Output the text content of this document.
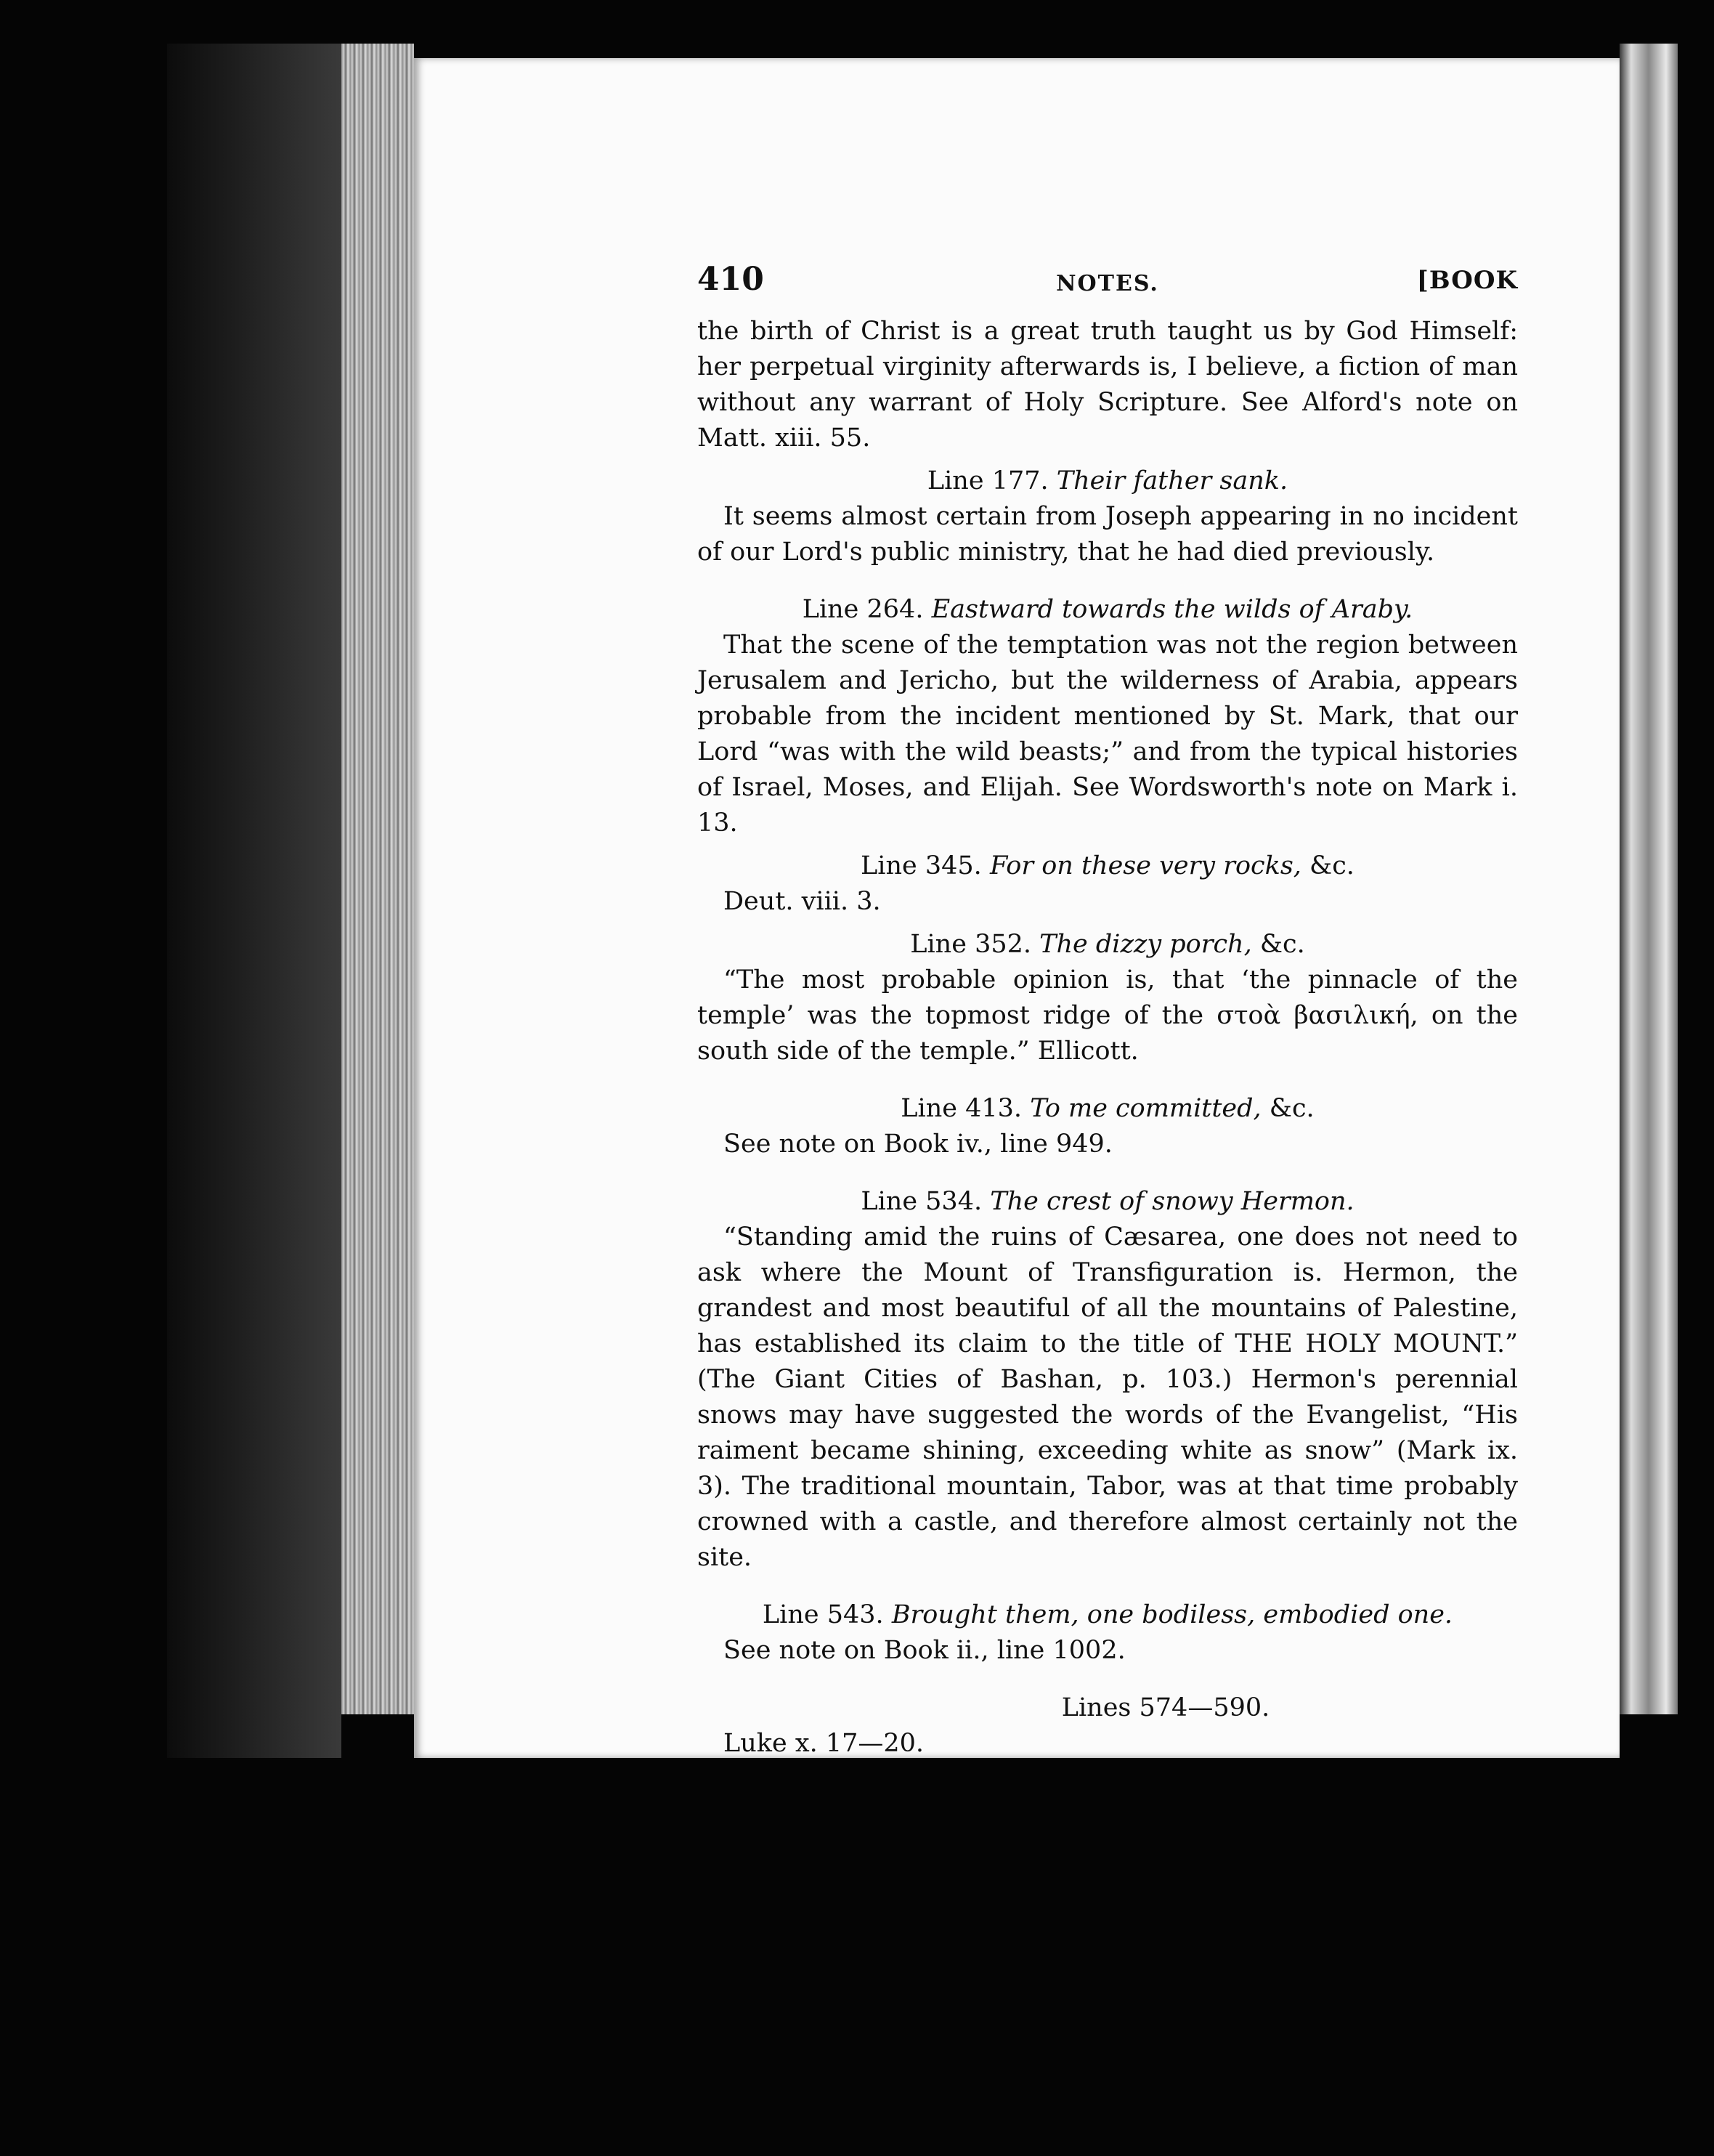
410	NOTES.	[BOOK

the birth of Christ is a great truth taught us by God Himself: her perpetual virginity afterwards is, I believe, a fiction of man without any warrant of Holy Scripture. See Alford's note on Matt. xiii. 55.

Line 177. Their father sank.

It seems almost certain from Joseph appearing in no incident of our Lord's public ministry, that he had died previously.

Line 264. Eastward towards the wilds of Araby.

That the scene of the temptation was not the region between Jerusalem and Jericho, but the wilderness of Arabia, appears probable from the incident mentioned by St. Mark, that our Lord “was with the wild beasts;” and from the typical histories of Israel, Moses, and Elijah. See Wordsworth's note on Mark i. 13.

Line 345. For on these very rocks, &c.

Deut. viii. 3.

Line 352. The dizzy porch, &c.

“The most probable opinion is, that ‘the pinnacle of the temple’ was the topmost ridge of the στοὰ βασιλική, on the south side of the temple.” Ellicott.

Line 413. To me committed, &c.

See note on Book iv., line 949.

Line 534. The crest of snowy Hermon.

“Standing amid the ruins of Cæsarea, one does not need to ask where the Mount of Transfiguration is. Hermon, the grandest and most beautiful of all the mountains of Palestine, has established its claim to the title of THE HOLY MOUNT.” (The Giant Cities of Bashan, p. 103.) Hermon's perennial snows may have suggested the words of the Evangelist, “His raiment became shining, exceeding white as snow” (Mark ix. 3). The traditional mountain, Tabor, was at that time probably crowned with a castle, and therefore almost certainly not the site.

Line 543. Brought them, one bodiless, embodied one.

See note on Book ii., line 1002.

Lines 574—590.

Luke x. 17—20.
